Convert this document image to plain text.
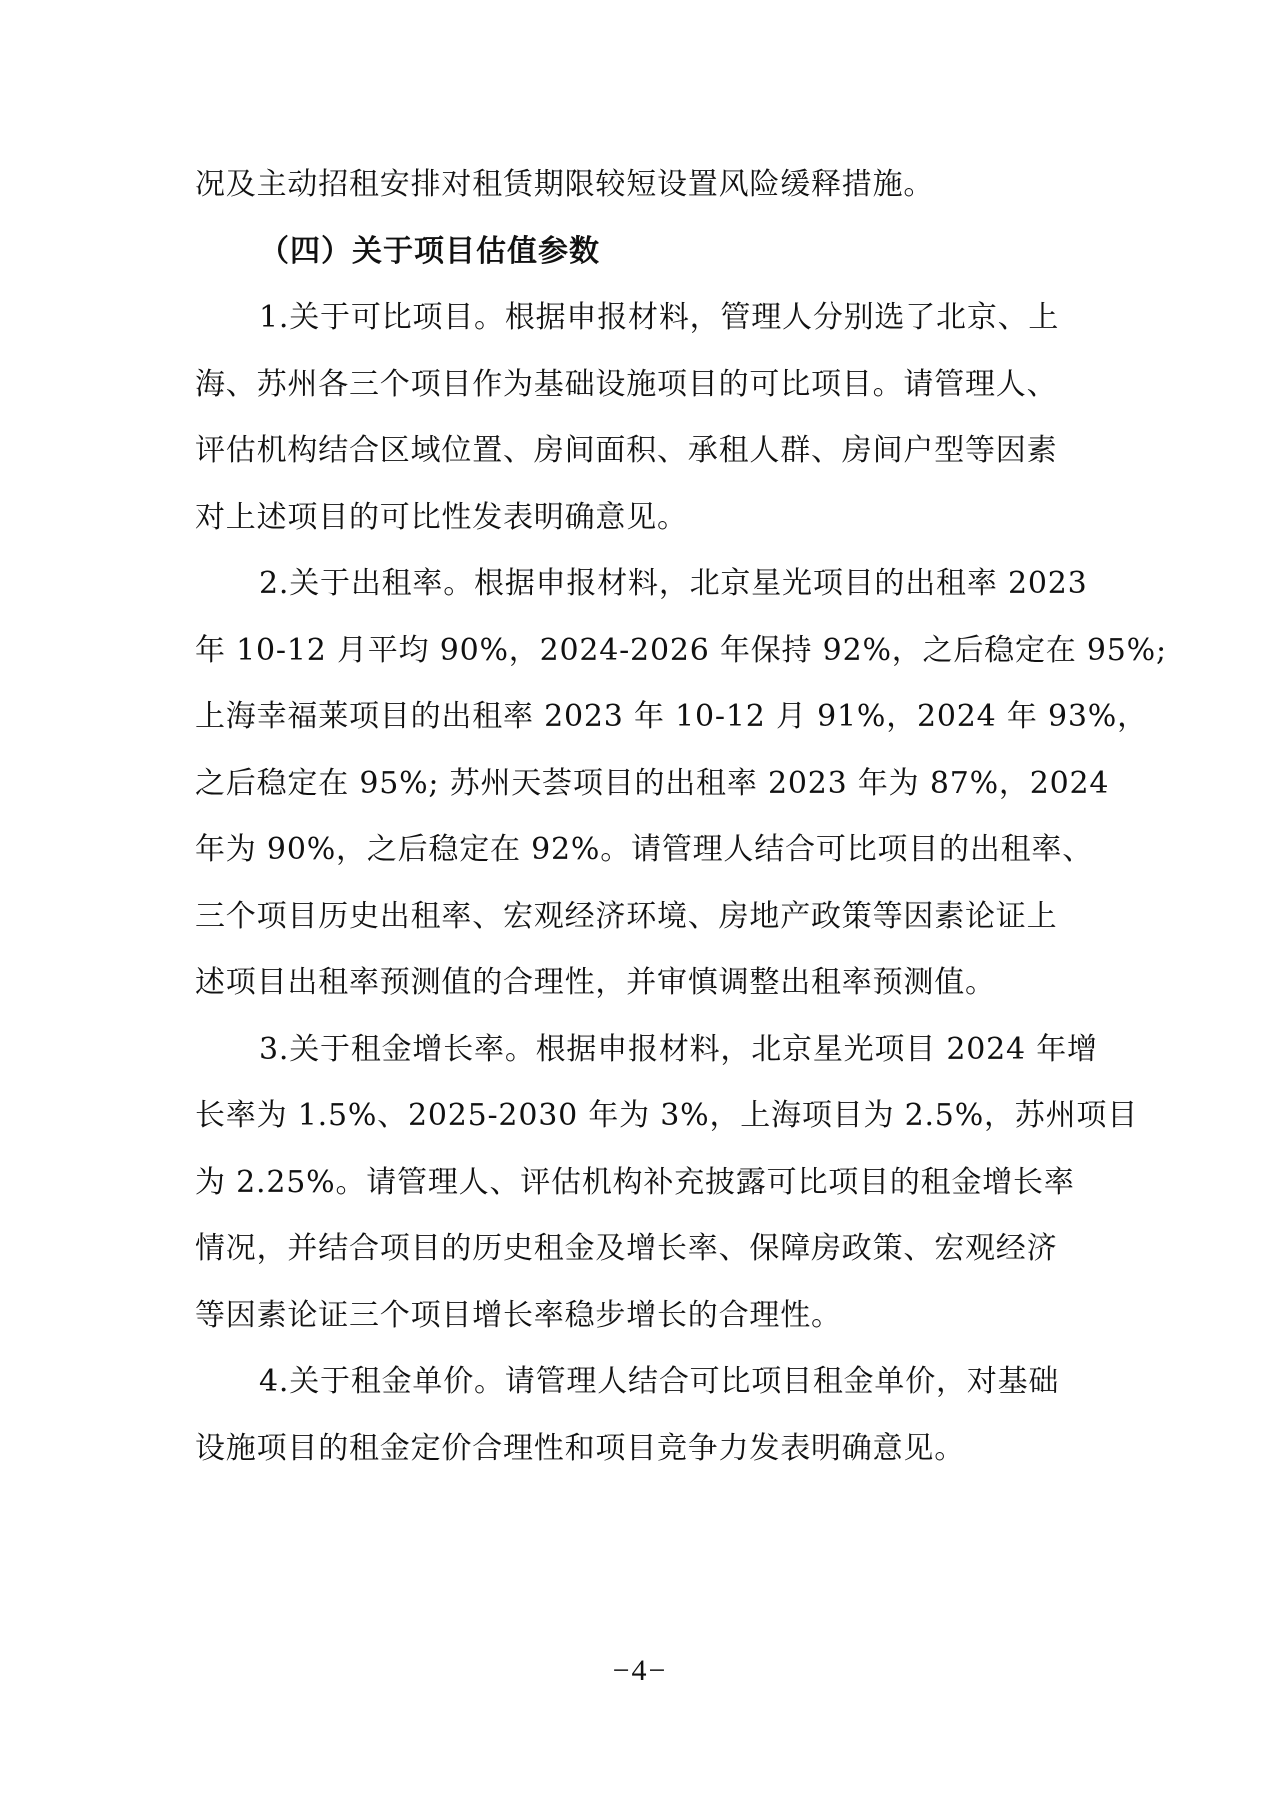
况及主动招租安排对租赁期限较短设置风险缓释措施。
（四）关于项目估值参数
1.关于可比项目。根据申报材料，管理人分别选了北京、上
海、苏州各三个项目作为基础设施项目的可比项目。请管理人、
评估机构结合区域位置、房间面积、承租人群、房间户型等因素
对上述项目的可比性发表明确意见。
2.关于出租率。根据申报材料，北京星光项目的出租率 2023
年 10-12 月平均 90%，2024-2026 年保持 92%，之后稳定在 95%;
上海幸福莱项目的出租率 2023 年 10-12 月 91%，2024 年 93%，
之后稳定在 95%; 苏州天荟项目的出租率 2023 年为 87%，2024
年为 90%，之后稳定在 92%。请管理人结合可比项目的出租率、
三个项目历史出租率、宏观经济环境、房地产政策等因素论证上
述项目出租率预测值的合理性，并审慎调整出租率预测值。
3.关于租金增长率。根据申报材料，北京星光项目 2024 年增
长率为 1.5%、2025-2030 年为 3%，上海项目为 2.5%，苏州项目
为 2.25%。请管理人、评估机构补充披露可比项目的租金增长率
情况，并结合项目的历史租金及增长率、保障房政策、宏观经济
等因素论证三个项目增长率稳步增长的合理性。
4.关于租金单价。请管理人结合可比项目租金单价，对基础
设施项目的租金定价合理性和项目竞争力发表明确意见。
−4−
